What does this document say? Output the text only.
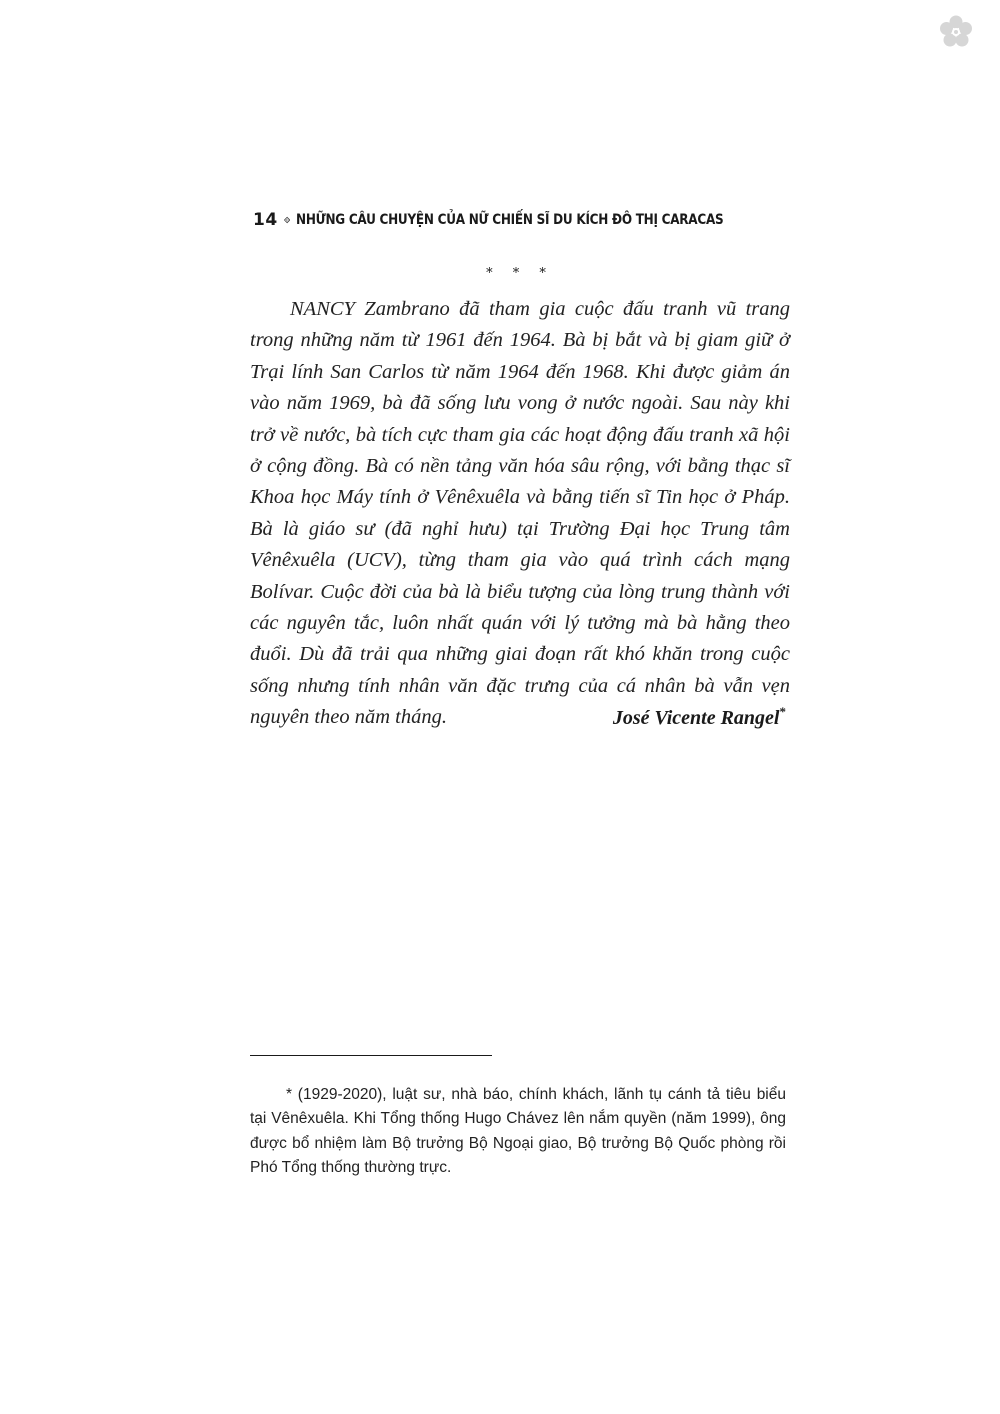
14 NHỮNG CÂU CHUYỆN CỦA NỮ CHIẾN SĨ DU KÍCH ĐÔ THỊ CARACAS
* * *

NANCY Zambrano đã tham gia cuộc đấu tranh vũ trang trong những năm từ 1961 đến 1964. Bà bị bắt và bị giam giữ ở Trại lính San Carlos từ năm 1964 đến 1968. Khi được giảm án vào năm 1969, bà đã sống lưu vong ở nước ngoài. Sau này khi trở về nước, bà tích cực tham gia các hoạt động đấu tranh xã hội ở cộng đồng. Bà có nền tảng văn hóa sâu rộng, với bằng thạc sĩ Khoa học Máy tính ở Vênêxuêla và bằng tiến sĩ Tin học ở Pháp. Bà là giáo sư (đã nghỉ hưu) tại Trường Đại học Trung tâm Vênêxuêla (UCV), từng tham gia vào quá trình cách mạng Bolívar. Cuộc đời của bà là biểu tượng của lòng trung thành với các nguyên tắc, luôn nhất quán với lý tưởng mà bà hằng theo đuổi. Dù đã trải qua những giai đoạn rất khó khăn trong cuộc sống nhưng tính nhân văn đặc trưng của cá nhân bà vẫn vẹn nguyên theo năm tháng.	José Vicente Rangel*

* (1929-2020), luật sư, nhà báo, chính khách, lãnh tụ cánh tả tiêu biểu tại Vênêxuêla. Khi Tổng thống Hugo Chávez lên nắm quyền (năm 1999), ông được bổ nhiệm làm Bộ trưởng Bộ Ngoại giao, Bộ trưởng Bộ Quốc phòng rồi Phó Tổng thống thường trực.
